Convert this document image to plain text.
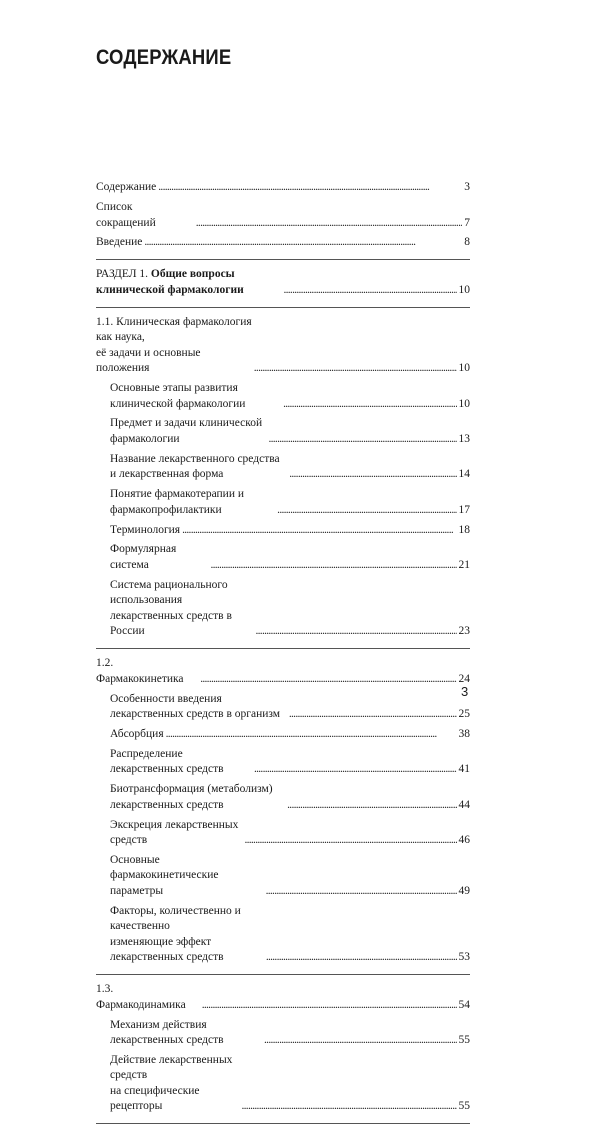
СОДЕРЖАНИЕ
Содержание . . .	3
Список сокращений . . .	7
Введение . . .	8
РАЗДЕЛ 1. Общие вопросы клинической фармакологии . . .	10
1.1. Клиническая фармакология как наука,
её задачи и основные положения . . .	10
Основные этапы развития клинической фармакологии . . .	10
Предмет и задачи клинической фармакологии . . .	13
Название лекарственного средства и лекарственная форма . . .	14
Понятие фармакотерапии и фармакопрофилактики . . .	17
Терминология . . .	18
Формулярная система . . .	21
Система рационального использования
лекарственных средств в России . . .	23
1.2. Фармакокинетика . . .	24
Особенности введения лекарственных средств в организм . . .	25
Абсорбция . . .	38
Распределение лекарственных средств . . .	41
Биотрансформация (метаболизм) лекарственных средств . . .	44
Экскреция лекарственных средств . . .	46
Основные фармакокинетические параметры . . .	49
Факторы, количественно и качественно
изменяющие эффект лекарственных средств . . .	53
1.3. Фармакодинамика . . .	54
Механизм действия лекарственных средств . . .	55
Действие лекарственных средств
на специфические рецепторы . . .	55
3
